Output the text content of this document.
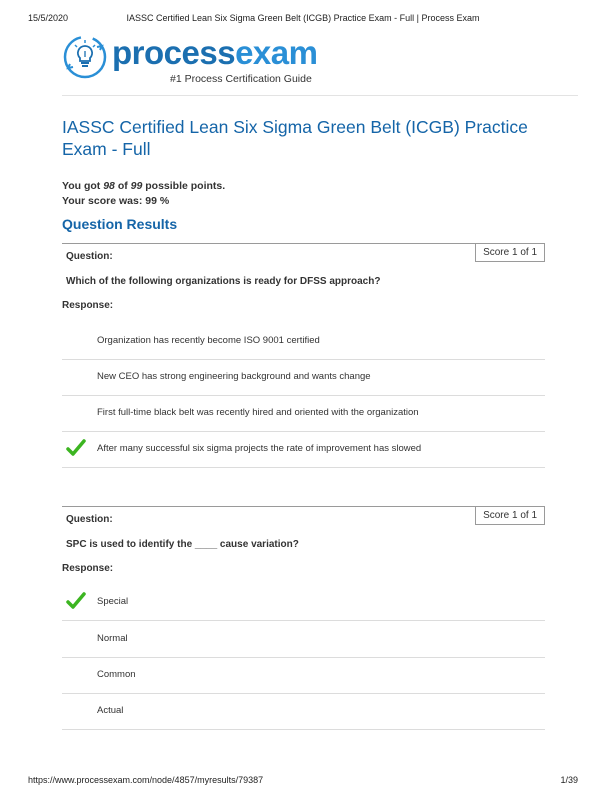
15/5/2020	IASSC Certified Lean Six Sigma Green Belt (ICGB) Practice Exam - Full | Process Exam
processexam
#1 Process Certification Guide
IASSC Certified Lean Six Sigma Green Belt (ICGB) Practice Exam - Full
You got 98 of 99 possible points.
Your score was: 99 %
Question Results
Question:	Score 1 of 1
Which of the following organizations is ready for DFSS approach?
Response:
Organization has recently become ISO 9001 certified
New CEO has strong engineering background and wants change
First full-time black belt was recently hired and oriented with the organization
After many successful six sigma projects the rate of improvement has slowed
Question:	Score 1 of 1
SPC is used to identify the ____ cause variation?
Response:
Special
Normal
Common
Actual
https://www.processexam.com/node/4857/myresults/79387	1/39
